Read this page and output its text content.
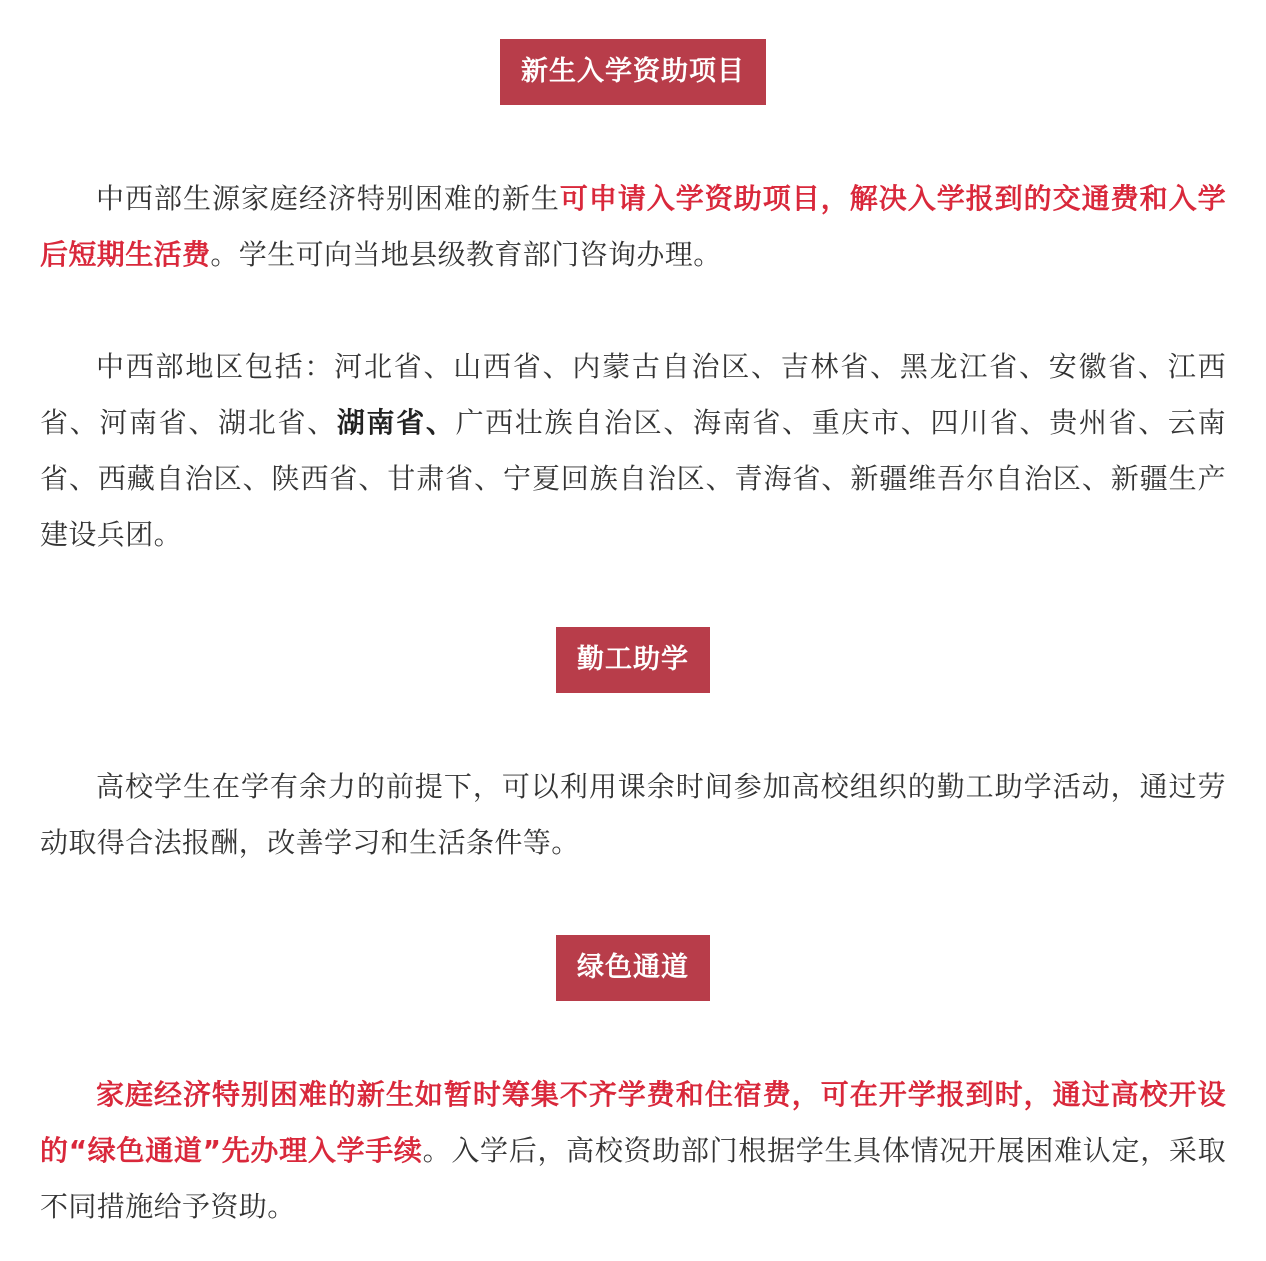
新生入学资助项目

中西部生源家庭经济特别困难的新生可申请入学资助项目，解决入学报到的交通费和入学后短期生活费。学生可向当地县级教育部门咨询办理。

中西部地区包括：河北省、山西省、内蒙古自治区、吉林省、黑龙江省、安徽省、江西省、河南省、湖北省、湖南省、广西壮族自治区、海南省、重庆市、四川省、贵州省、云南省、西藏自治区、陕西省、甘肃省、宁夏回族自治区、青海省、新疆维吾尔自治区、新疆生产建设兵团。

勤工助学

高校学生在学有余力的前提下，可以利用课余时间参加高校组织的勤工助学活动，通过劳动取得合法报酬，改善学习和生活条件等。

绿色通道

家庭经济特别困难的新生如暂时筹集不齐学费和住宿费，可在开学报到时，通过高校开设的“绿色通道”先办理入学手续。入学后，高校资助部门根据学生具体情况开展困难认定，采取不同措施给予资助。
